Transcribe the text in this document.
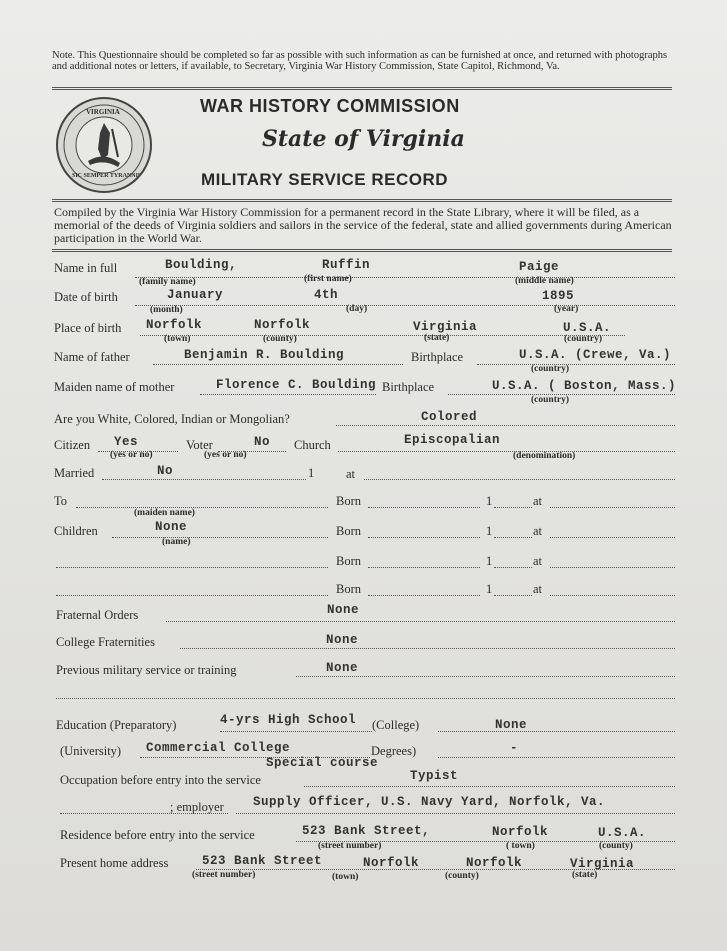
Note. This Questionnaire should be completed so far as possible with such information as can be furnished at once, and returned with photographs and additional notes or letters, if available, to Secretary, Virginia War History Commission, State Capitol, Richmond, Va.
VIRGINIA
SIC SEMPER TYRANNIS
WAR HISTORY COMMISSION
State of Virginia
MILITARY SERVICE RECORD
Compiled by the Virginia War History Commission for a permanent record in the State Library, where it will be filed, as a memorial of the deeds of Virginia soldiers and sailors in the service of the federal, state and allied governments during American participation in the World War.
Name in full	Boulding,	Ruffin	Paige
(family name)	(first name)	(middle name)
Date of birth	January	4th	1895
(month)	(day)	(year)
Place of birth Norfolk	Norfolk	Virginia	U.S.A.
(town)	(county)	(state)	(country)
Name of father	Benjamin R. Boulding	Birthplace	U.S.A. (Crewe, Va.)
(country)
Maiden name of mother	Florence C. Boulding Birthplace	U.S.A. ( Boston, Mass.)
(country)
Are you White, Colored, Indian or Mongolian?	Colored
Citizen Yes
(yes or no)
Voter	No
(yes or no)
Church	Episcopalian
(denomination)
Married	No	1	at
To
(maiden name)
Born	1	at
Children	None
(name)
Born	1	at
Born	1	at
Born	1	at
Fraternal Orders	None
College Fraternities	None
Previous military service or training	None
Education (Preparatory)	4-yrs High School (College)	None
(University) Commercial College	Degrees)	-
Special course
Occupation before entry into the service	Typist
; employer Supply Officer, U.S. Navy Yard, Norfolk, Va.
Residence before entry into the service	523 Bank Street,	Norfolk	U.S.A.
(street number)	( town)	(county)
Present home address	523 Bank Street	Norfolk	Norfolk	Virginia
(street number)	(town)	(county)	(state)
